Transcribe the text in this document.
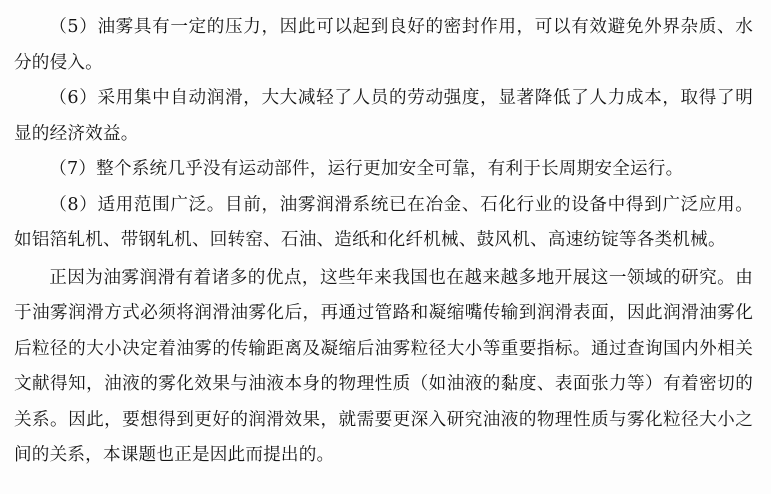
（5）油雾具有一定的压力，因此可以起到良好的密封作用，可以有效避免外界杂质、水分的侵入。

（6）采用集中自动润滑，大大减轻了人员的劳动强度，显著降低了人力成本，取得了明显的经济效益。

（7）整个系统几乎没有运动部件，运行更加安全可靠，有利于长周期安全运行。

（8）适用范围广泛。目前，油雾润滑系统已在冶金、石化行业的设备中得到广泛应用。如铝箔轧机、带钢轧机、回转窑、石油、造纸和化纤机械、鼓风机、高速纺锭等各类机械。

正因为油雾润滑有着诸多的优点，这些年来我国也在越来越多地开展这一领域的研究。由于油雾润滑方式必须将润滑油雾化后，再通过管路和凝缩嘴传输到润滑表面，因此润滑油雾化后粒径的大小决定着油雾的传输距离及凝缩后油雾粒径大小等重要指标。通过查询国内外相关文献得知，油液的雾化效果与油液本身的物理性质（如油液的黏度、表面张力等）有着密切的关系。因此，要想得到更好的润滑效果，就需要更深入研究油液的物理性质与雾化粒径大小之间的关系，本课题也正是因此而提出的。
